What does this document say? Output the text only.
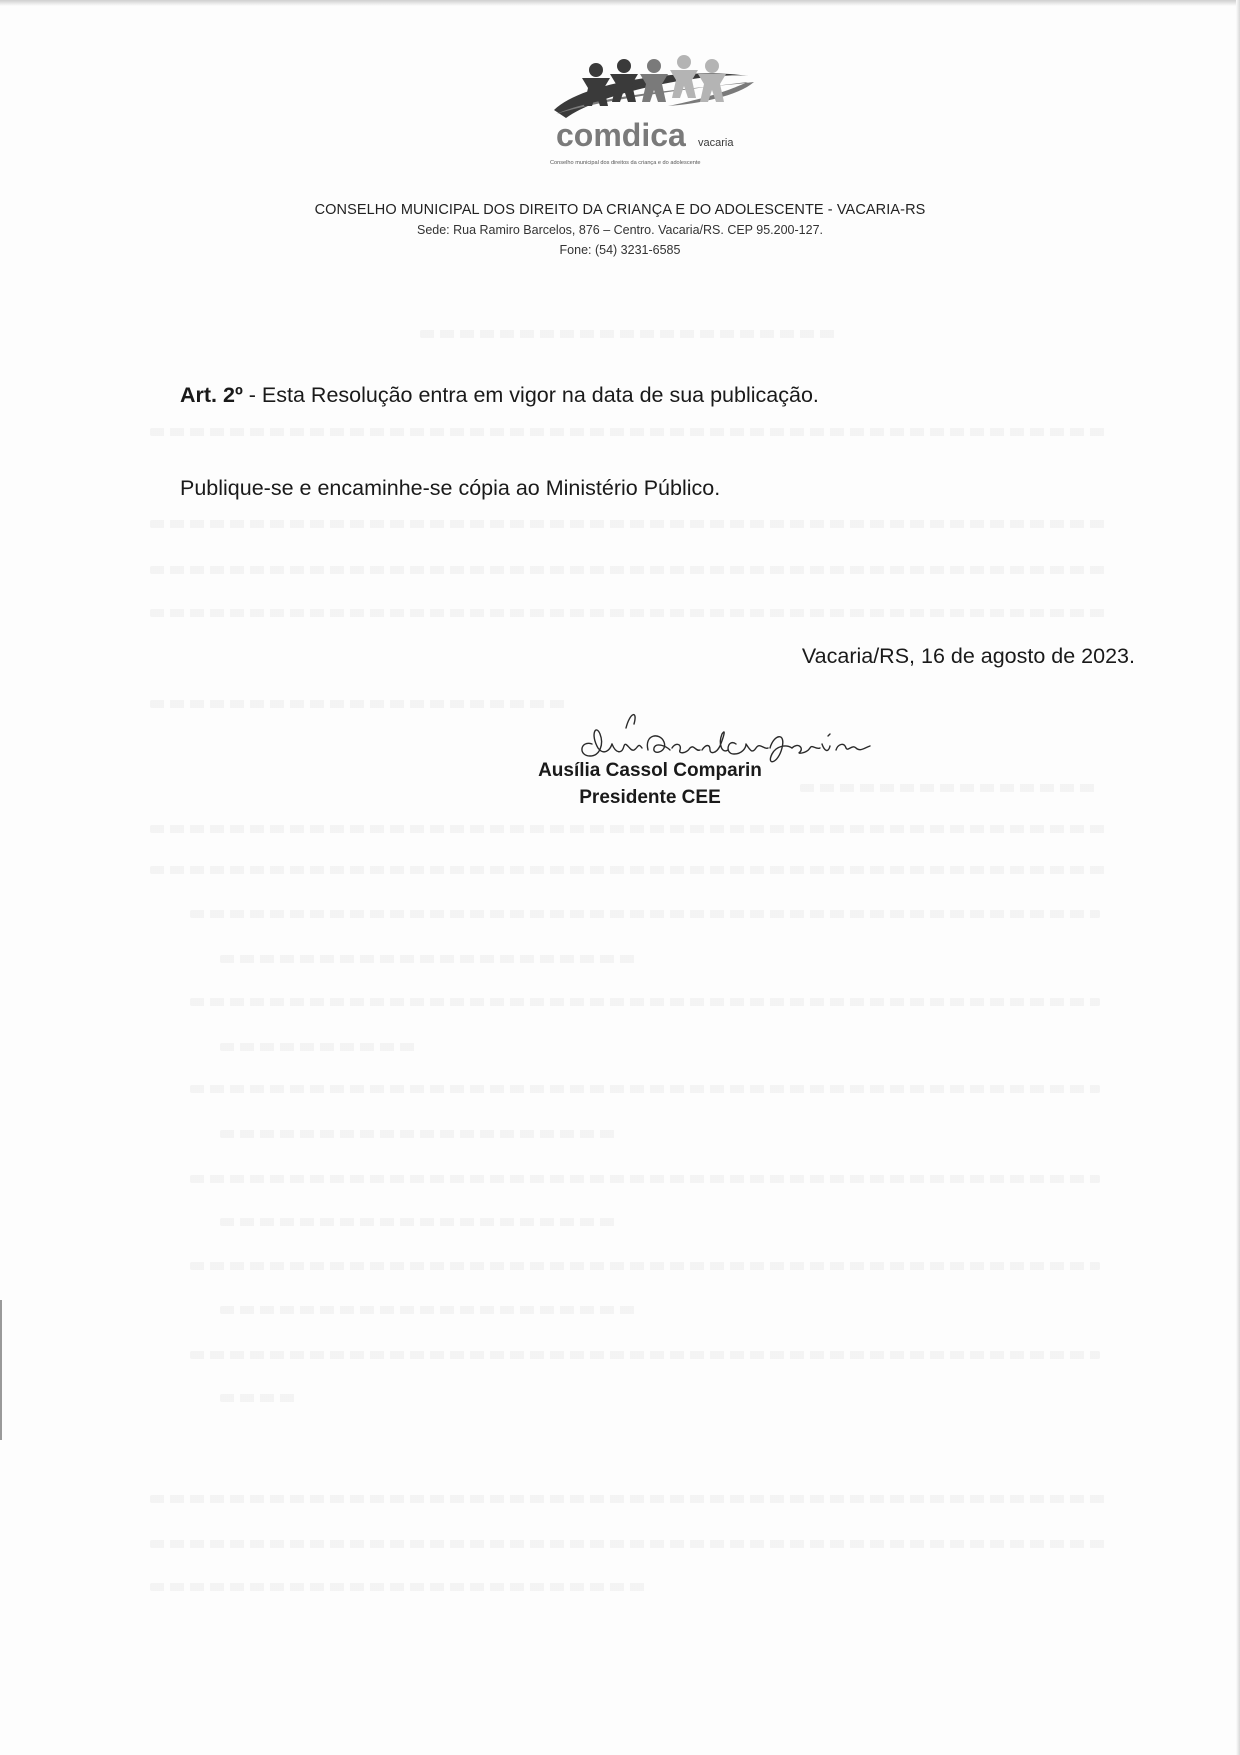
comdica vacaria
Conselho municipal dos direitos da criança e do adolescente
CONSELHO MUNICIPAL DOS DIREITO DA CRIANÇA E DO ADOLESCENTE - VACARIA-RS
Sede: Rua Ramiro Barcelos, 876 – Centro. Vacaria/RS. CEP 95.200-127.
Fone: (54) 3231-6585
Art. 2º - Esta Resolução entra em vigor na data de sua publicação.
Publique-se e encaminhe-se cópia ao Ministério Público.
Vacaria/RS, 16 de agosto de 2023.
Ausília Cassol Comparin
Presidente CEE
